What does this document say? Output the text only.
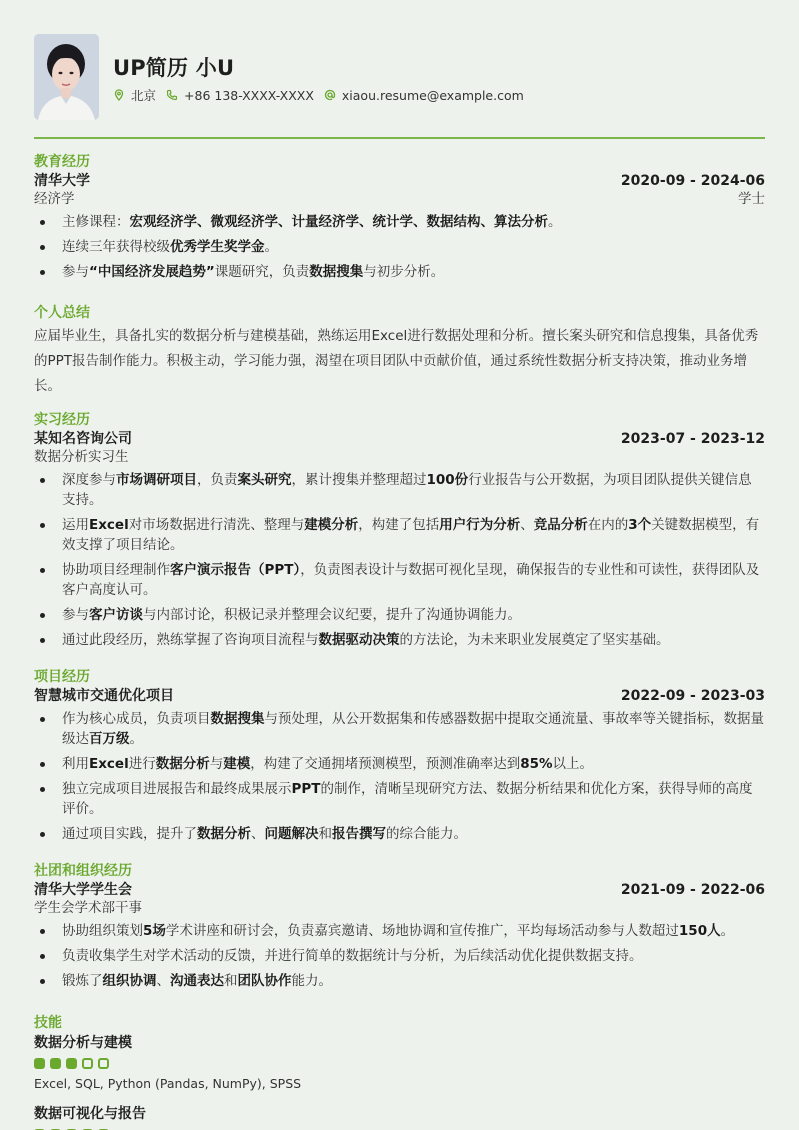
UP简历 小U
北京 +86 138-XXXX-XXXX xiaou.resume@example.com
教育经历
清华大学	2020-09 - 2024-06
经济学	学士
主修课程：宏观经济学、微观经济学、计量经济学、统计学、数据结构、算法分析。
连续三年获得校级优秀学生奖学金。
参与“中国经济发展趋势”课题研究，负责数据搜集与初步分析。
个人总结
应届毕业生，具备扎实的数据分析与建模基础，熟练运用Excel进行数据处理和分析。擅长案头研究和信息搜集，具备优秀的PPT报告制作能力。积极主动，学习能力强，渴望在项目团队中贡献价值，通过系统性数据分析支持决策，推动业务增长。
实习经历
某知名咨询公司	2023-07 - 2023-12
数据分析实习生
深度参与市场调研项目，负责案头研究，累计搜集并整理超过100份行业报告与公开数据，为项目团队提供关键信息支持。
运用Excel对市场数据进行清洗、整理与建模分析，构建了包括用户行为分析、竞品分析在内的3个关键数据模型，有效支撑了项目结论。
协助项目经理制作客户演示报告（PPT），负责图表设计与数据可视化呈现，确保报告的专业性和可读性，获得团队及客户高度认可。
参与客户访谈与内部讨论，积极记录并整理会议纪要，提升了沟通协调能力。
通过此段经历，熟练掌握了咨询项目流程与数据驱动决策的方法论，为未来职业发展奠定了坚实基础。
项目经历
智慧城市交通优化项目	2022-09 - 2023-03
作为核心成员，负责项目数据搜集与预处理，从公开数据集和传感器数据中提取交通流量、事故率等关键指标，数据量级达百万级。
利用Excel进行数据分析与建模，构建了交通拥堵预测模型，预测准确率达到85%以上。
独立完成项目进展报告和最终成果展示PPT的制作，清晰呈现研究方法、数据分析结果和优化方案，获得导师的高度评价。
通过项目实践，提升了数据分析、问题解决和报告撰写的综合能力。
社团和组织经历
清华大学学生会	2021-09 - 2022-06
学生会学术部干事
协助组织策划5场学术讲座和研讨会，负责嘉宾邀请、场地协调和宣传推广，平均每场活动参与人数超过150人。
负责收集学生对学术活动的反馈，并进行简单的数据统计与分析，为后续活动优化提供数据支持。
锻炼了组织协调、沟通表达和团队协作能力。
技能
数据分析与建模
Excel, SQL, Python (Pandas, NumPy), SPSS
数据可视化与报告
